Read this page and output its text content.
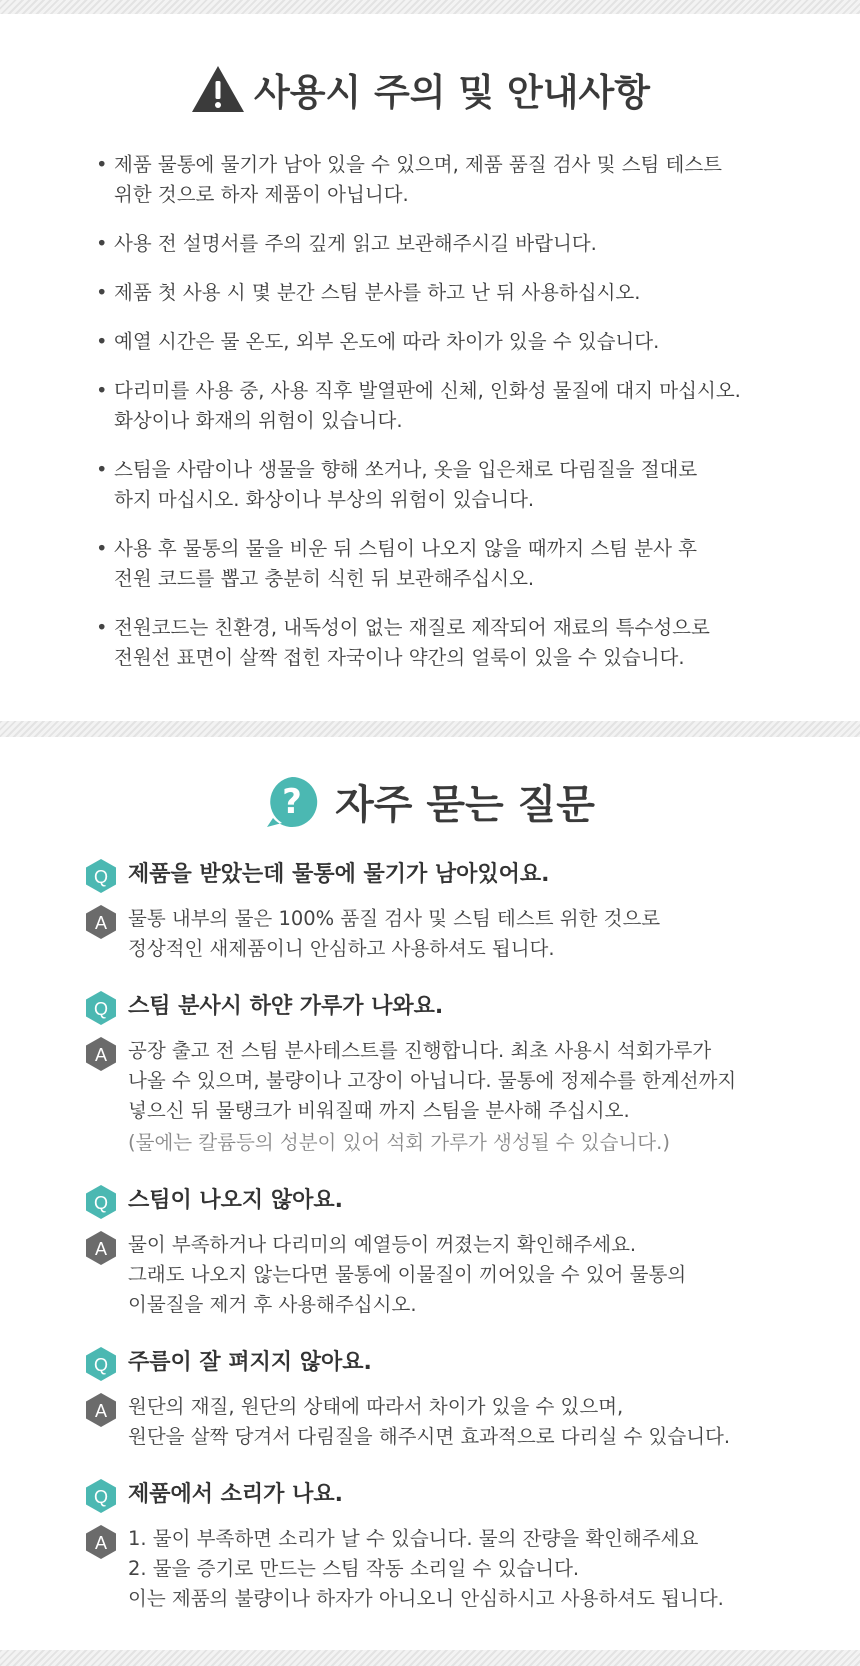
사용시 주의 및 안내사항
• 제품 물통에 물기가 남아 있을 수 있으며, 제품 품질 검사 및 스팀 테스트
위한 것으로 하자 제품이 아닙니다.
• 사용 전 설명서를 주의 깊게 읽고 보관해주시길 바랍니다.
• 제품 첫 사용 시 몇 분간 스팀 분사를 하고 난 뒤 사용하십시오.
• 예열 시간은 물 온도, 외부 온도에 따라 차이가 있을 수 있습니다.
• 다리미를 사용 중, 사용 직후 발열판에 신체, 인화성 물질에 대지 마십시오.
화상이나 화재의 위험이 있습니다.
• 스팀을 사람이나 생물을 향해 쏘거나, 옷을 입은채로 다림질을 절대로
하지 마십시오. 화상이나 부상의 위험이 있습니다.
• 사용 후 물통의 물을 비운 뒤 스팀이 나오지 않을 때까지 스팀 분사 후
전원 코드를 뽑고 충분히 식힌 뒤 보관해주십시오.
• 전원코드는 친환경, 내독성이 없는 재질로 제작되어 재료의 특수성으로
전원선 표면이 살짝 접힌 자국이나 약간의 얼룩이 있을 수 있습니다.
? 자주 묻는 질문
Q 제품을 받았는데 물통에 물기가 남아있어요.
A 물통 내부의 물은 100% 품질 검사 및 스팀 테스트 위한 것으로
정상적인 새제품이니 안심하고 사용하셔도 됩니다.
Q 스팀 분사시 하얀 가루가 나와요.
A 공장 출고 전 스팀 분사테스트를 진행합니다. 최초 사용시 석회가루가
나올 수 있으며, 불량이나 고장이 아닙니다. 물통에 정제수를 한계선까지
넣으신 뒤 물탱크가 비워질때 까지 스팀을 분사해 주십시오.
(물에는 칼륨등의 성분이 있어 석회 가루가 생성될 수 있습니다.)
Q 스팀이 나오지 않아요.
A 물이 부족하거나 다리미의 예열등이 꺼졌는지 확인해주세요.
그래도 나오지 않는다면 물통에 이물질이 끼어있을 수 있어 물통의
이물질을 제거 후 사용해주십시오.
Q 주름이 잘 펴지지 않아요.
A 원단의 재질, 원단의 상태에 따라서 차이가 있을 수 있으며,
원단을 살짝 당겨서 다림질을 해주시면 효과적으로 다리실 수 있습니다.
Q 제품에서 소리가 나요.
A 1. 물이 부족하면 소리가 날 수 있습니다. 물의 잔량을 확인해주세요
2. 물을 증기로 만드는 스팀 작동 소리일 수 있습니다.
이는 제품의 불량이나 하자가 아니오니 안심하시고 사용하셔도 됩니다.
